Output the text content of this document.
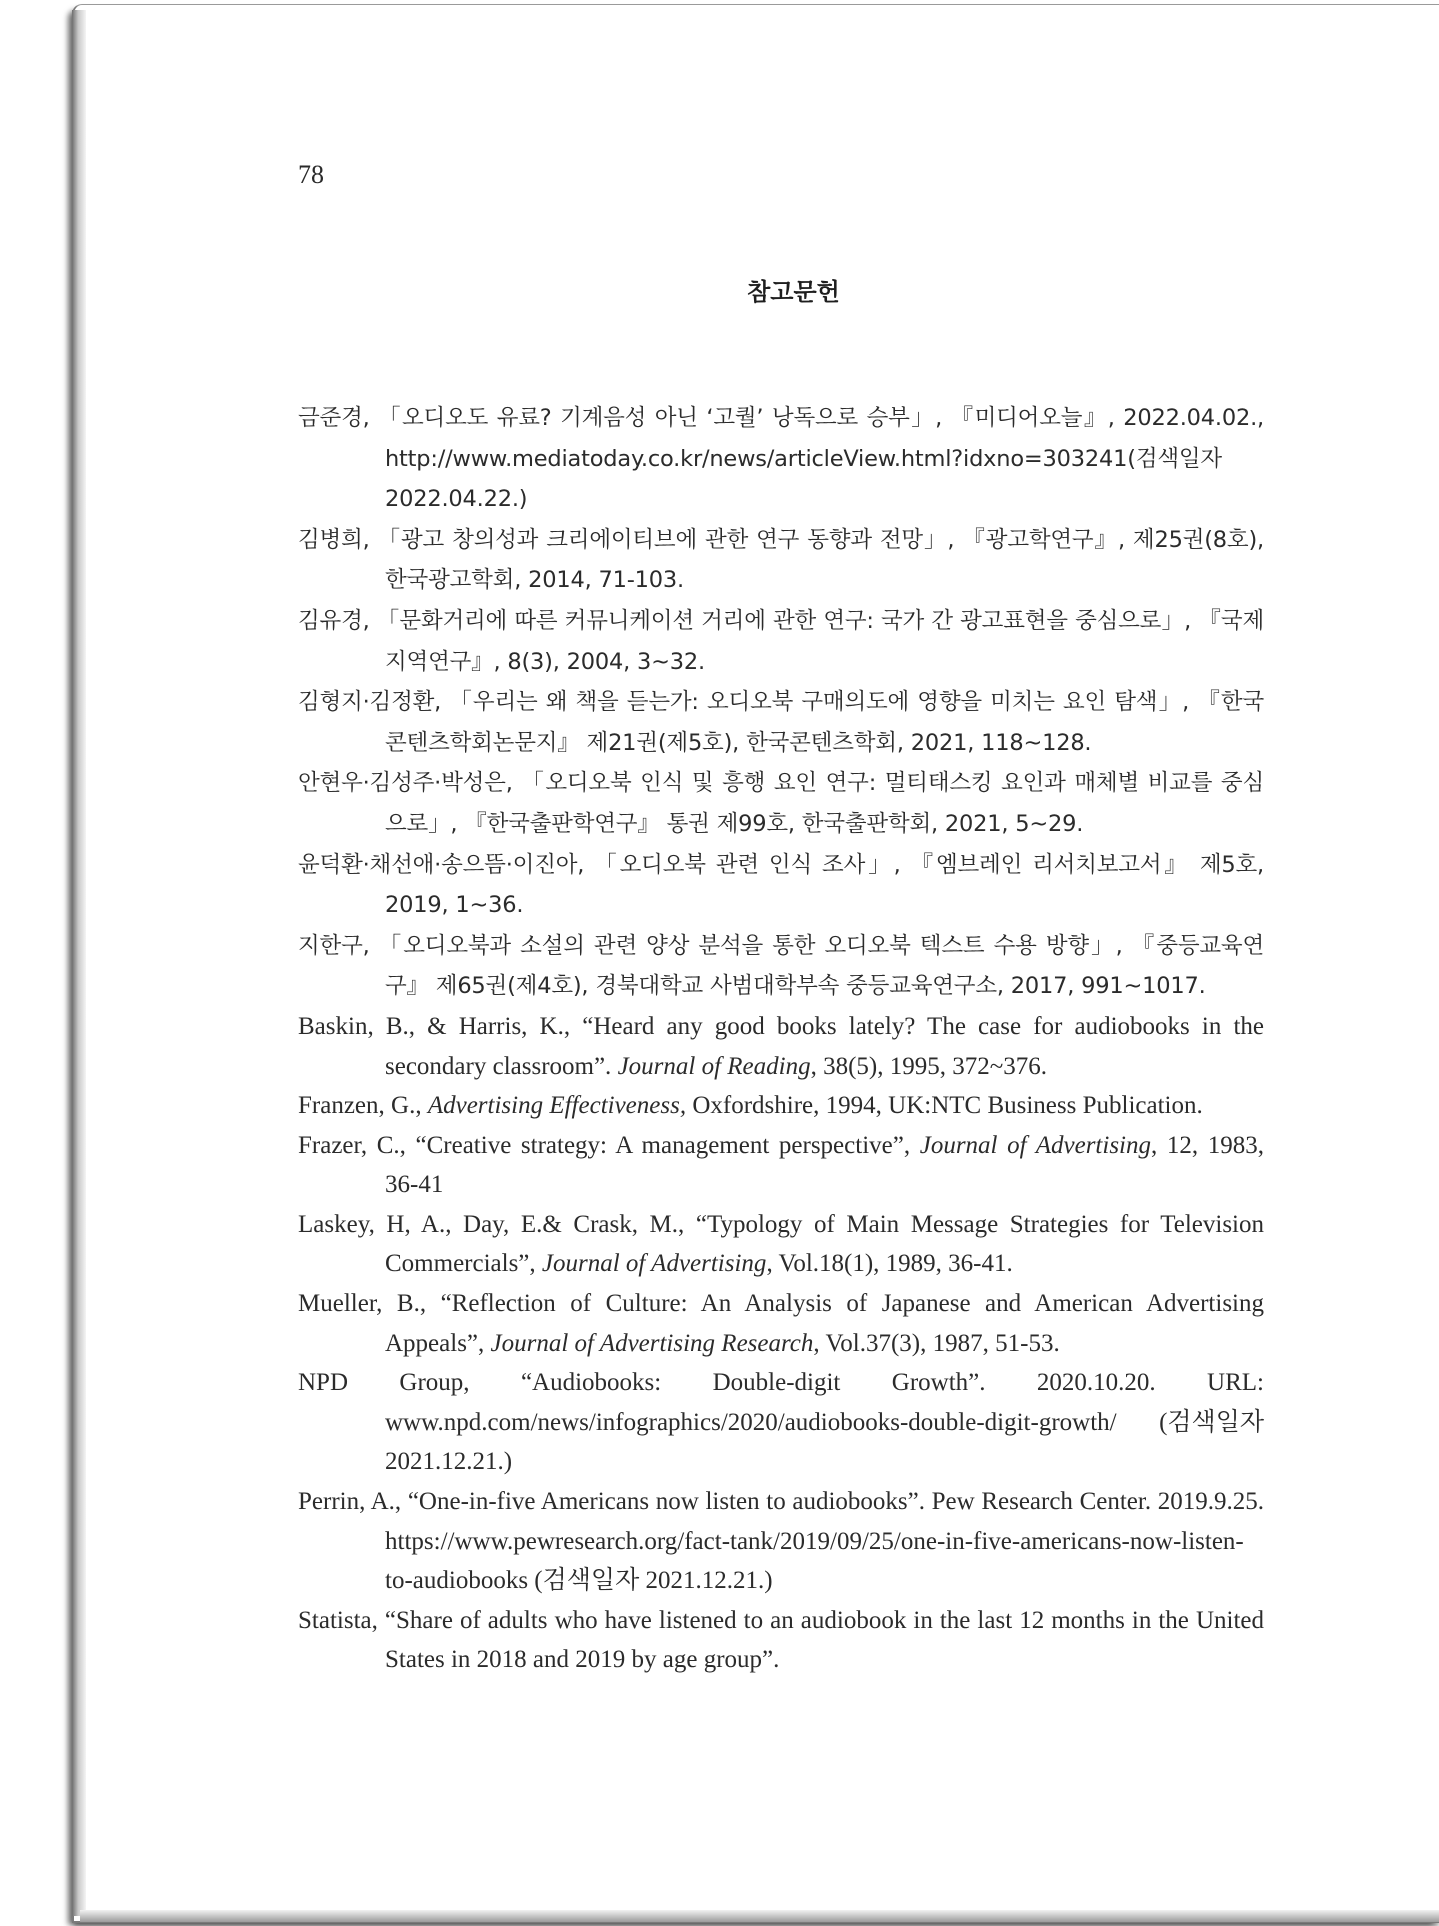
78
참고문헌
금준경, 「오디오도 유료? 기계음성 아닌 ‘고퀄’ 낭독으로 승부」, 『미디어오늘』, 2022.04.02., http://www.mediatoday.co.kr/news/articleView.html?idxno=303241(검색일자 2022.04.22.)
김병희, 「광고 창의성과 크리에이티브에 관한 연구 동향과 전망」, 『광고학연구』, 제25권(8호), 한국광고학회, 2014, 71-103.
김유경, 「문화거리에 따른 커뮤니케이션 거리에 관한 연구: 국가 간 광고표현을 중심으로」, 『국제지역연구』, 8(3), 2004, 3~32.
김형지·김정환, 「우리는 왜 책을 듣는가: 오디오북 구매의도에 영향을 미치는 요인 탐색」, 『한국콘텐츠학회논문지』 제21권(제5호), 한국콘텐츠학회, 2021, 118~128.
안현우·김성주·박성은, 「오디오북 인식 및 흥행 요인 연구: 멀티태스킹 요인과 매체별 비교를 중심으로」, 『한국출판학연구』 통권 제99호, 한국출판학회, 2021, 5~29.
윤덕환·채선애·송으뜸·이진아, 「오디오북 관련 인식 조사」, 『엠브레인 리서치보고서』 제5호, 2019, 1~36.
지한구, 「오디오북과 소설의 관련 양상 분석을 통한 오디오북 텍스트 수용 방향」, 『중등교육연구』 제65권(제4호), 경북대학교 사범대학부속 중등교육연구소, 2017, 991~1017.
Baskin, B., & Harris, K., “Heard any good books lately? The case for audiobooks in the secondary classroom”. Journal of Reading, 38(5), 1995, 372~376.
Franzen, G., Advertising Effectiveness, Oxfordshire, 1994, UK:NTC Business Publication.
Frazer, C., “Creative strategy: A management perspective”, Journal of Advertising, 12, 1983, 36-41
Laskey, H, A., Day, E.& Crask, M., “Typology of Main Message Strategies for Television Commercials”, Journal of Advertising, Vol.18(1), 1989, 36-41.
Mueller, B., “Reflection of Culture: An Analysis of Japanese and American Advertising Appeals”, Journal of Advertising Research, Vol.37(3), 1987, 51-53.
NPD Group, “Audiobooks: Double-digit Growth”. 2020.10.20. URL: www.npd.com/news/infographics/2020/audiobooks-double-digit-growth/ (검색일자 2021.12.21.)
Perrin, A., “One-in-five Americans now listen to audiobooks”. Pew Research Center. 2019.9.25. https://www.pewresearch.org/fact-tank/2019/09/25/one-in-five-americans-now-listen-to-audiobooks (검색일자 2021.12.21.)
Statista, “Share of adults who have listened to an audiobook in the last 12 months in the United States in 2018 and 2019 by age group”.
